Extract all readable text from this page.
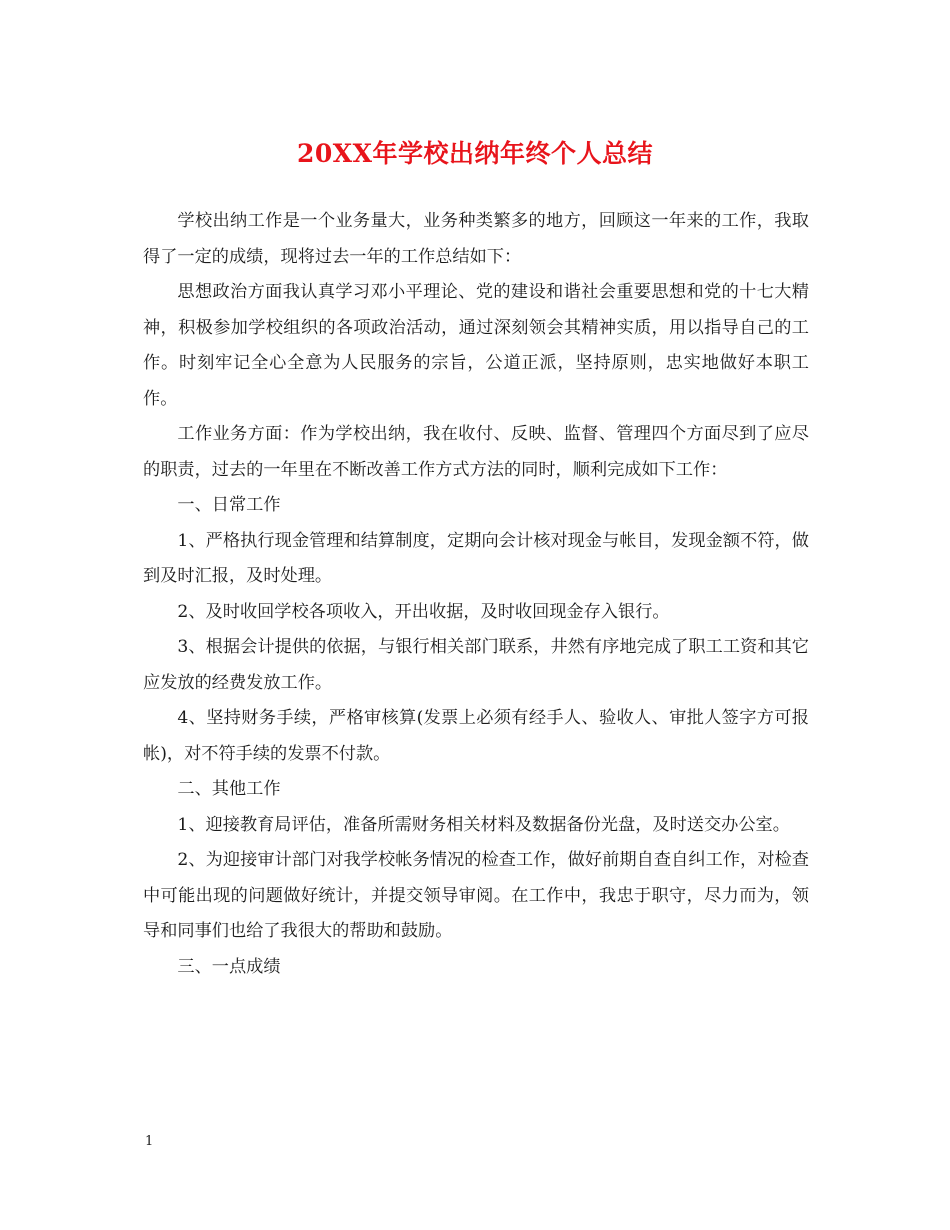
20XX年学校出纳年终个人总结

学校出纳工作是一个业务量大，业务种类繁多的地方，回顾这一年来的工作，我取得了一定的成绩，现将过去一年的工作总结如下：

思想政治方面我认真学习邓小平理论、党的建设和谐社会重要思想和党的十七大精神，积极参加学校组织的各项政治活动，通过深刻领会其精神实质，用以指导自己的工作。时刻牢记全心全意为人民服务的宗旨，公道正派，坚持原则，忠实地做好本职工作。

工作业务方面：作为学校出纳，我在收付、反映、监督、管理四个方面尽到了应尽的职责，过去的一年里在不断改善工作方式方法的同时，顺利完成如下工作：

一、日常工作

1、严格执行现金管理和结算制度，定期向会计核对现金与帐目，发现金额不符，做到及时汇报，及时处理。

2、及时收回学校各项收入，开出收据，及时收回现金存入银行。

3、根据会计提供的依据，与银行相关部门联系，井然有序地完成了职工工资和其它应发放的经费发放工作。

4、坚持财务手续，严格审核算(发票上必须有经手人、验收人、审批人签字方可报帐)，对不符手续的发票不付款。

二、其他工作

1、迎接教育局评估，准备所需财务相关材料及数据备份光盘，及时送交办公室。

2、为迎接审计部门对我学校帐务情况的检查工作，做好前期自查自纠工作，对检查中可能出现的问题做好统计，并提交领导审阅。在工作中，我忠于职守，尽力而为，领导和同事们也给了我很大的帮助和鼓励。

三、一点成绩

1
